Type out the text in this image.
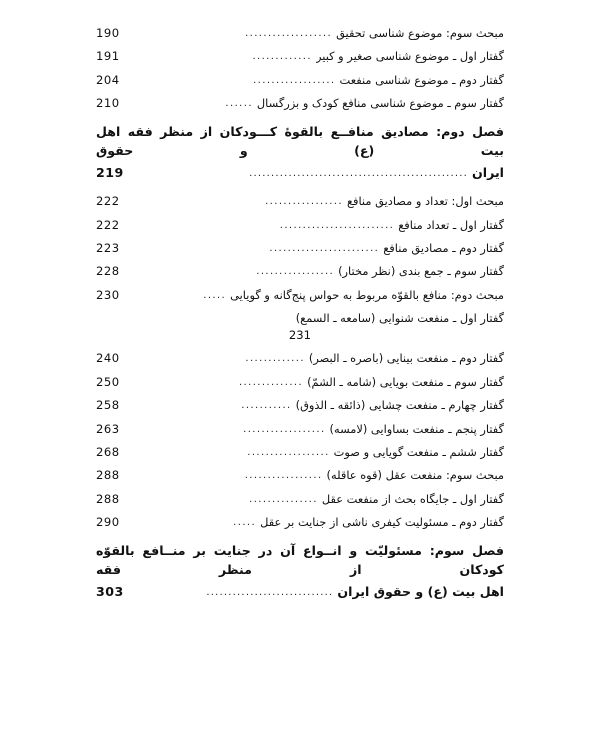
مبحث سوم: موضوع شناسی تحقیق
...................
190
گفتار اول ـ موضوع شناسی صغیر و کبیر
.............
191
گفتار دوم ـ موضوع شناسی منفعت
..................
204
گفتار سوم ـ موضوع شناسی منافع کودک و بزرگسال
......
210
فصل دوم: مصادیق منافــع بالقوۀ کـــودکان از منظر فقه اهل بیت (ع) و حقوق
ایران
..................................................
219
مبحث اول: تعداد و مصادیق منافع
.................
222
گفتار اول ـ تعداد منافع
.........................
222
گفتار دوم ـ مصادیق منافع
........................
223
گفتار سوم ـ جمع بندی (نظر مختار)
.................
228
مبحث دوم: منافع بالقوّه مربوط به حواس پنج‌گانه و گویایی
.....
230
گفتار اول ـ منفعت شنوایی (سامعه ـ السمع)
231
گفتار دوم ـ منفعت بینایی (باصره ـ البصر)
.............
240
گفتار سوم ـ منفعت بویایی (شامه ـ الشمّ)
..............
250
گفتار چهارم ـ منفعت چشایی (ذائقه ـ الذوق)
...........
258
گفتار پنجم ـ منفعت بساوایی (لامسه)
..................
263
گفتار ششم ـ منفعت گویایی و صوت
..................
268
مبحث سوم: منفعت عقل (قوه عاقله)
.................
288
گفتار اول ـ جایگاه بحث از منفعت عقل
...............
288
گفتار دوم ـ مسئولیت کیفری ناشی از جنایت بر عقل
.....
290
فصل سوم: مسئولیّت و انــواع آن در جنایت بر منــافع بالقوّه کودکان از منظر فقه
اهل بیت (ع) و حقوق ایران
.............................
303
